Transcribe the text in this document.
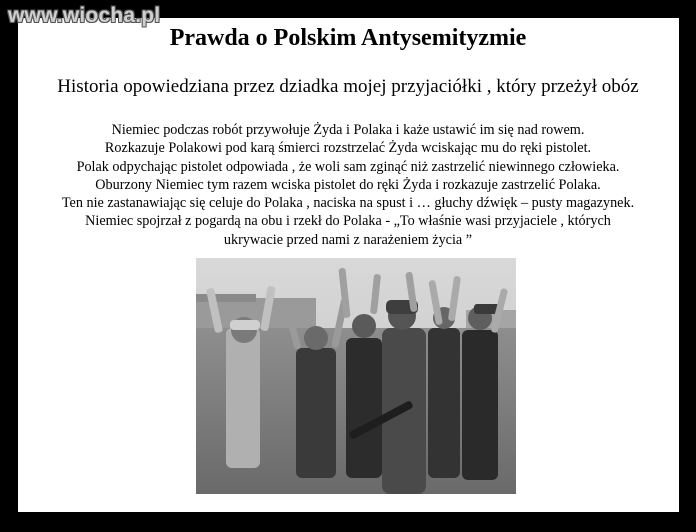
www.wiocha.pl
Prawda o Polskim Antysemityzmie
Historia opowiedziana przez dziadka mojej przyjaciółki , który przeżył obóz
Niemiec podczas robót przywołuje Żyda i Polaka i każe ustawić im się nad rowem.
Rozkazuje Polakowi pod karą śmierci rozstrzelać Żyda wciskając mu do ręki pistolet.
Polak odpychając pistolet odpowiada , że woli sam zginąć niż zastrzelić niewinnego człowieka.
Oburzony Niemiec tym razem wciska pistolet do ręki Żyda i rozkazuje zastrzelić Polaka.
Ten nie zastanawiając się celuje do Polaka , naciska na spust i … głuchy dźwięk – pusty magazynek.
Niemiec spojrzał z pogardą na obu i rzekł do Polaka - „To właśnie wasi przyjaciele , których
ukrywacie przed nami z narażeniem życia ”
